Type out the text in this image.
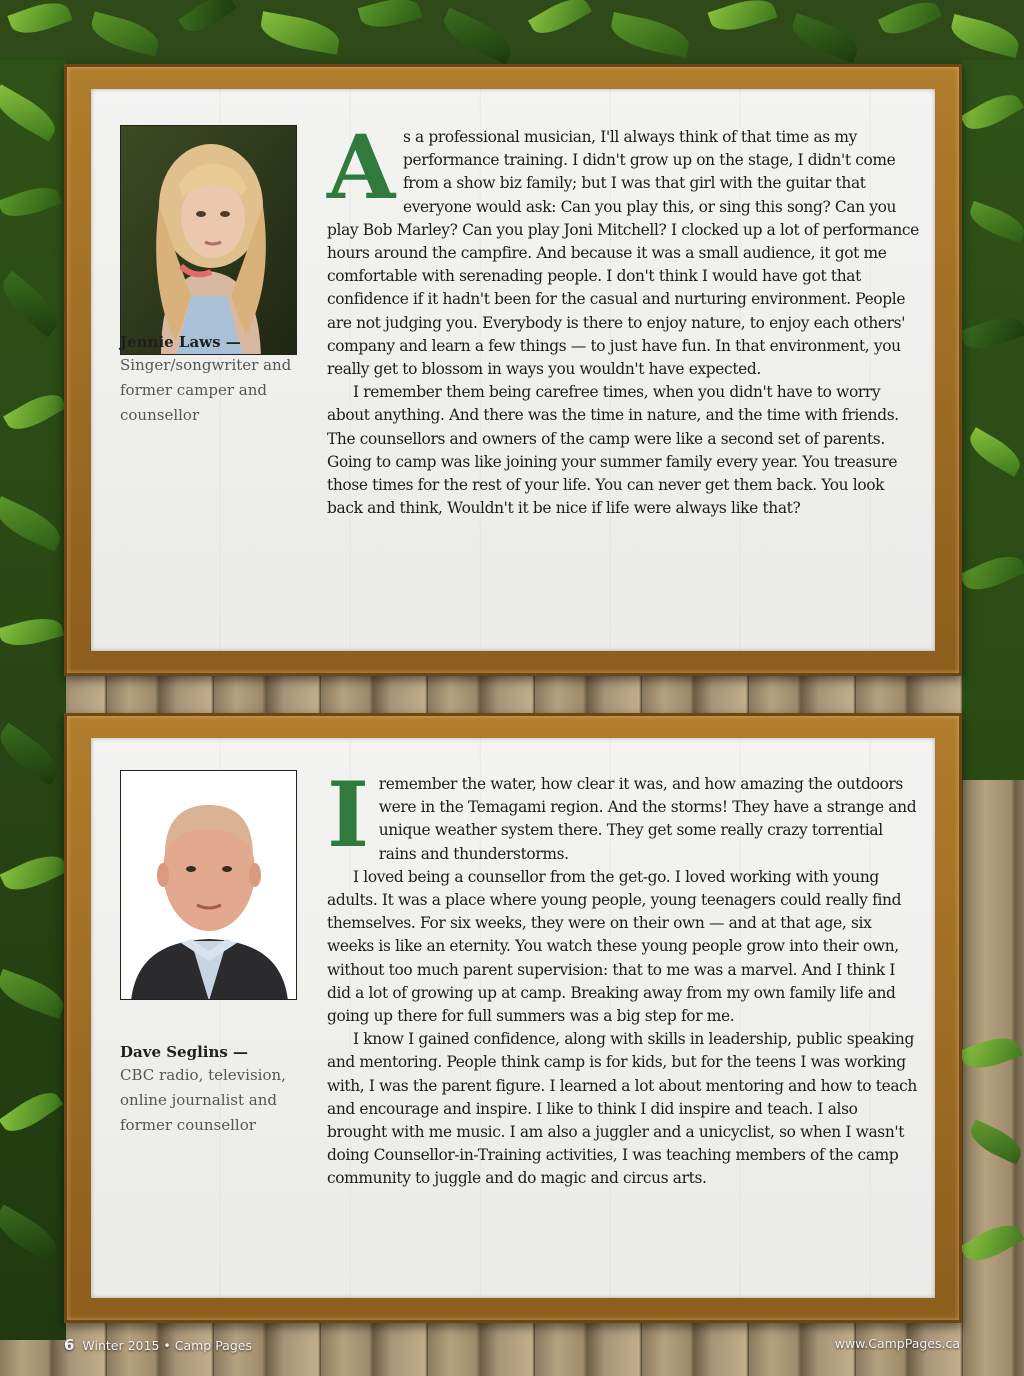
Jennie Laws —
Singer/songwriter and former camper and counsellor
A s a professional musician, I'll always think of that time as my performance training. I didn't grow up on the stage, I didn't come from a show biz family; but I was that girl with the guitar that everyone would ask: Can you play this, or sing this song? Can you play Bob Marley? Can you play Joni Mitchell? I clocked up a lot of performance hours around the campfire. And because it was a small audience, it got me comfortable with serenading people. I don't think I would have got that confidence if it hadn't been for the casual and nurturing environment. People are not judging you. Everybody is there to enjoy nature, to enjoy each others' company and learn a few things — to just have fun. In that environment, you really get to blossom in ways you wouldn't have expected.

I remember them being carefree times, when you didn't have to worry about anything. And there was the time in nature, and the time with friends. The counsellors and owners of the camp were like a second set of parents. Going to camp was like joining your summer family every year. You treasure those times for the rest of your life. You can never get them back. You look back and think, Wouldn't it be nice if life were always like that?

Dave Seglins —
CBC radio, television, online journalist and former counsellor
I remember the water, how clear it was, and how amazing the outdoors were in the Temagami region. And the storms! They have a strange and unique weather system there. They get some really crazy torrential rains and thunderstorms.

I loved being a counsellor from the get-go. I loved working with young adults. It was a place where young people, young teenagers could really find themselves. For six weeks, they were on their own — and at that age, six weeks is like an eternity. You watch these young people grow into their own, without too much parent supervision: that to me was a marvel. And I think I did a lot of growing up at camp. Breaking away from my own family life and going up there for full summers was a big step for me.

I know I gained confidence, along with skills in leadership, public speaking and mentoring. People think camp is for kids, but for the teens I was working with, I was the parent figure. I learned a lot about mentoring and how to teach and encourage and inspire. I like to think I did inspire and teach. I also brought with me music. I am also a juggler and a unicyclist, so when I wasn't doing Counsellor-in-Training activities, I was teaching members of the camp community to juggle and do magic and circus arts.

6 Winter 2015 • Camp Pages	www.CampPages.ca
